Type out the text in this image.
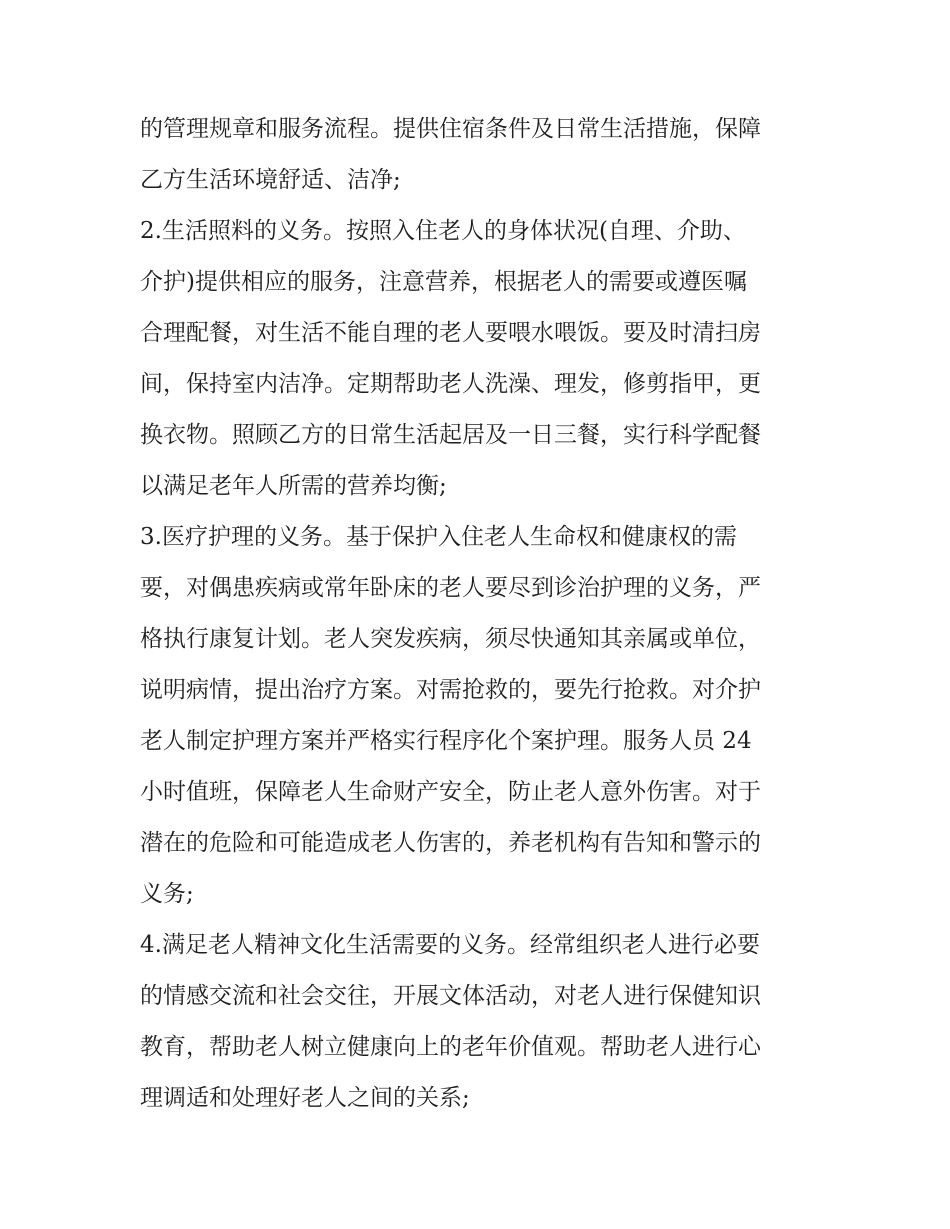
的管理规章和服务流程。提供住宿条件及日常生活措施，保障
乙方生活环境舒适、洁净;
2.生活照料的义务。按照入住老人的身体状况(自理、介助、
介护)提供相应的服务，注意营养，根据老人的需要或遵医嘱
合理配餐，对生活不能自理的老人要喂水喂饭。要及时清扫房
间，保持室内洁净。定期帮助老人洗澡、理发，修剪指甲，更
换衣物。照顾乙方的日常生活起居及一日三餐，实行科学配餐
以满足老年人所需的营养均衡;
3.医疗护理的义务。基于保护入住老人生命权和健康权的需
要，对偶患疾病或常年卧床的老人要尽到诊治护理的义务，严
格执行康复计划。老人突发疾病，须尽快通知其亲属或单位，
说明病情，提出治疗方案。对需抢救的，要先行抢救。对介护
老人制定护理方案并严格实行程序化个案护理。服务人员 24
小时值班，保障老人生命财产安全，防止老人意外伤害。对于
潜在的危险和可能造成老人伤害的，养老机构有告知和警示的
义务;
4.满足老人精神文化生活需要的义务。经常组织老人进行必要
的情感交流和社会交往，开展文体活动，对老人进行保健知识
教育，帮助老人树立健康向上的老年价值观。帮助老人进行心
理调适和处理好老人之间的关系;
